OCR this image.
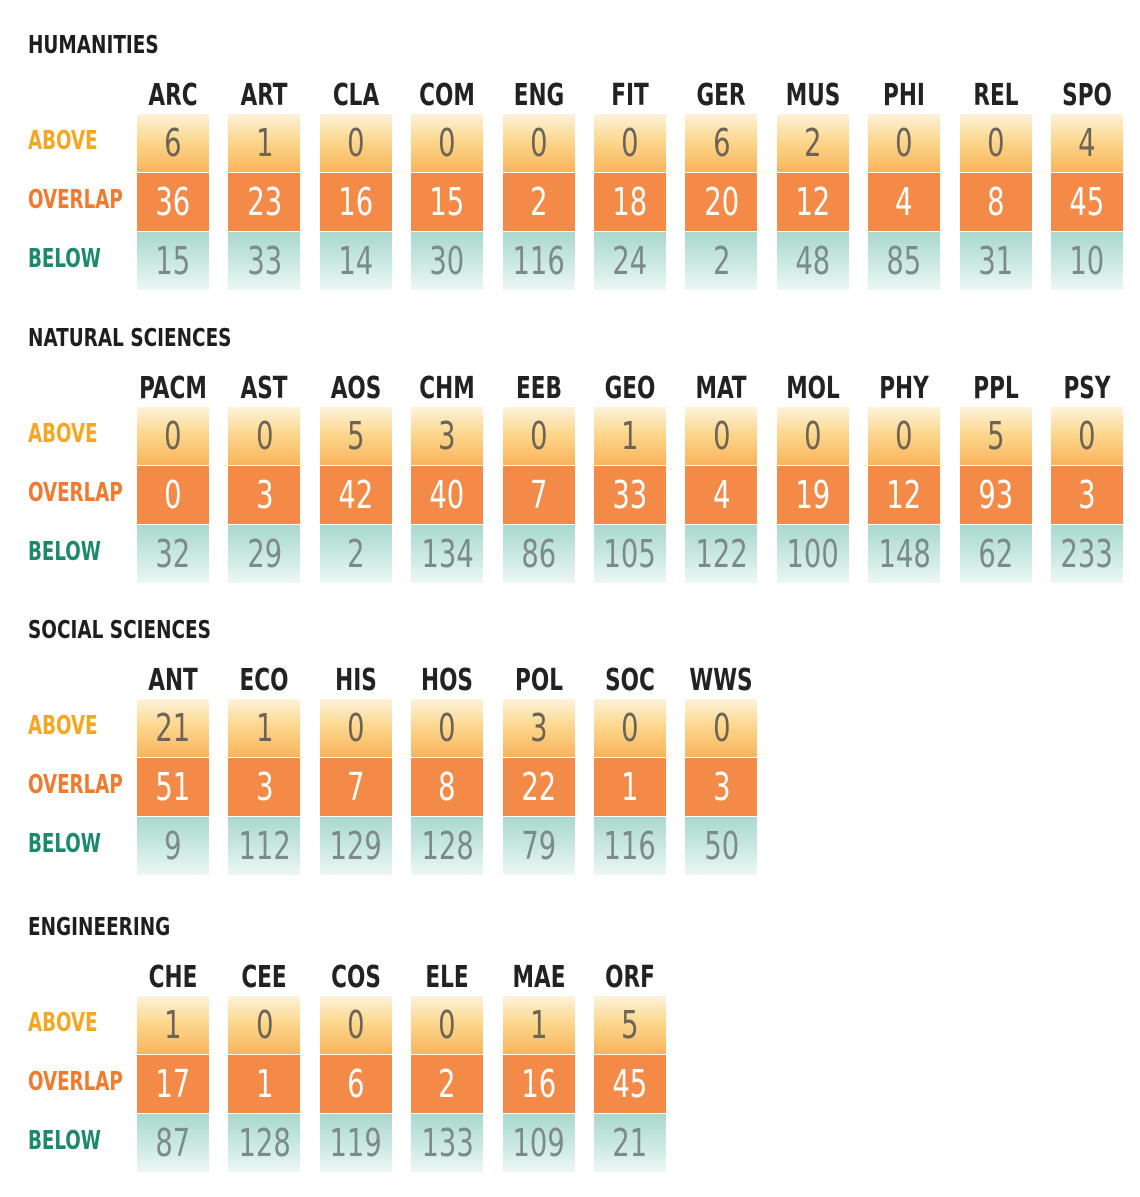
HUMANITIES
ABOVE
OVERLAP
BELOW
ARC
6
36
15
ART
1
23
33
CLA
0
16
14
COM
0
15
30
ENG
0
2
116
FIT
0
18
24
GER
6
20
2
MUS
2
12
48
PHI
0
4
85
REL
0
8
31
SPO
4
45
10
NATURAL SCIENCES
ABOVE
OVERLAP
BELOW
PACM
0
0
32
AST
0
3
29
AOS
5
42
2
CHM
3
40
134
EEB
0
7
86
GEO
1
33
105
MAT
0
4
122
MOL
0
19
100
PHY
0
12
148
PPL
5
93
62
PSY
0
3
233
SOCIAL SCIENCES
ABOVE
OVERLAP
BELOW
ANT
21
51
9
ECO
1
3
112
HIS
0
7
129
HOS
0
8
128
POL
3
22
79
SOC
0
1
116
WWS
0
3
50
ENGINEERING
ABOVE
OVERLAP
BELOW
CHE
1
17
87
CEE
0
1
128
COS
0
6
119
ELE
0
2
133
MAE
1
16
109
ORF
5
45
21
